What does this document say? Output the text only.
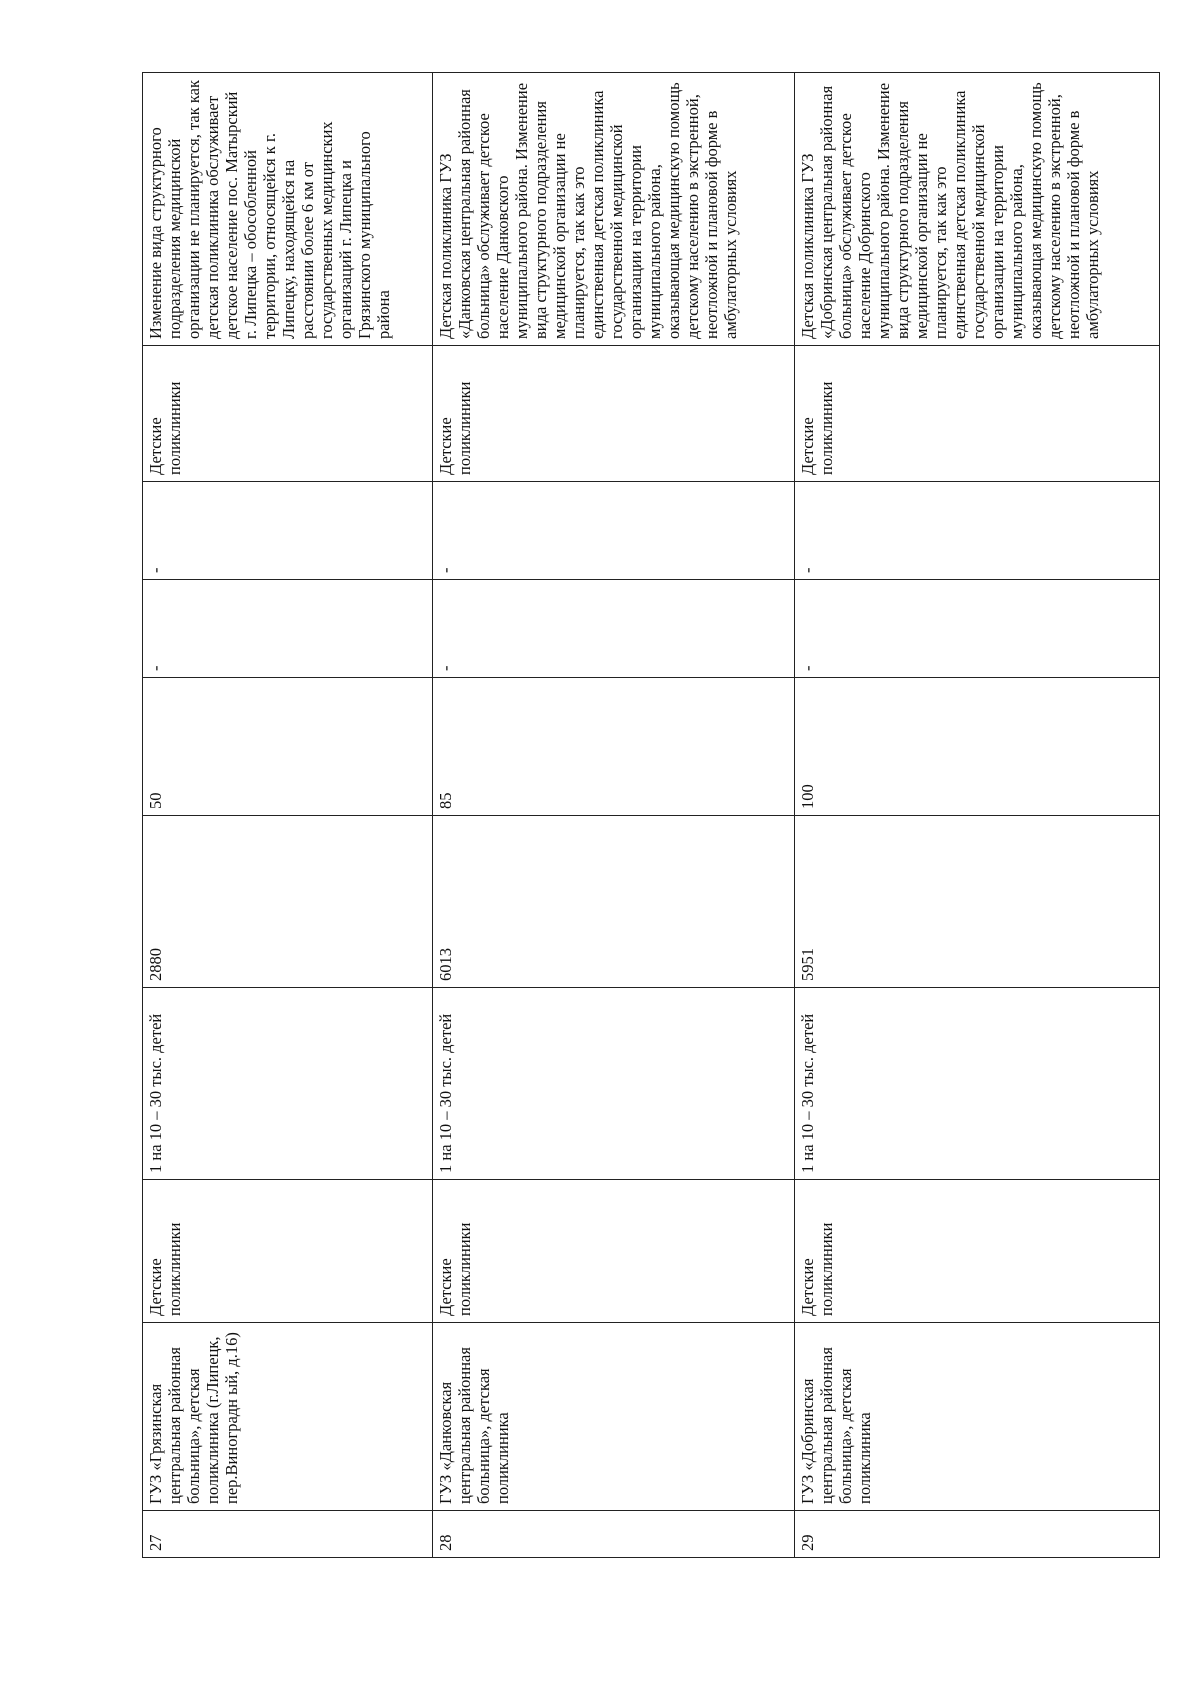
27	ГУЗ «Грязинская центральная районная больница», детская поликлиника (г.Липецк, пер.Виноградн ый, д.16)	Детские поликлиники	1 на 10 – 30 тыс. детей	2880	50	-	-	Детские поликлиники	Изменение вида структурного подразделения медицинской организации не планируется, так как детская поликлиника обслуживает детское население пос. Матырский г. Липецка – обособленной территории, относящейся к г. Липецку, находящейся на расстоянии более 6 км от государственных медицинских организаций г. Липецка и Грязинского муниципального района
28	ГУЗ «Данковская центральная районная больница», детская поликлиника	Детские поликлиники	1 на 10 – 30 тыс. детей	6013	85	-	-	Детские поликлиники	Детская поликлиника ГУЗ «Данковская центральная районная больница» обслуживает детское население Данковского муниципального района. Изменение вида структурного подразделения медицинской организации не планируется, так как это единственная детская поликлиника государственной медицинской организации на территории муниципального района, оказывающая медицинскую помощь детскому населению в экстренной, неотложной и плановой форме в амбулаторных условиях
29	ГУЗ «Добринская центральная районная больница», детская поликлиника	Детские поликлиники	1 на 10 – 30 тыс. детей	5951	100	-	-	Детские поликлиники	Детская поликлиника ГУЗ «Добринская центральная районная больница» обслуживает детское население Добринского муниципального района. Изменение вида структурного подразделения медицинской организации не планируется, так как это единственная детская поликлиника государственной медицинской организации на территории муниципального района, оказывающая медицинскую помощь детскому населению в экстренной, неотложной и плановой форме в амбулаторных условиях
